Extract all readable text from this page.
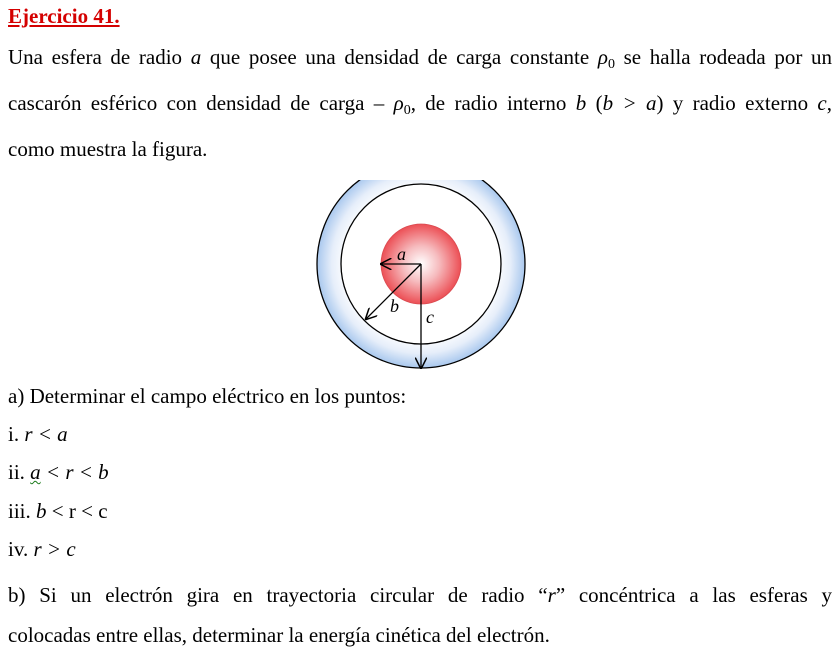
Ejercicio 41.
Una esfera de radio a que posee una densidad de carga constante $\rho_0$ se halla rodeada por un
cascarón esférico con densidad de carga – $\rho_0$, de radio interno b (b > a) y radio externo c,
como muestra la figura.
a
b
c
a) Determinar el campo eléctrico en los puntos:
i. r < a
ii. a < r < b
iii. b < r < c
iv. r > c
b) Si un electrón gira en trayectoria circular de radio “r” concéntrica a las esferas y
colocadas entre ellas, determinar la energía cinética del electrón.
